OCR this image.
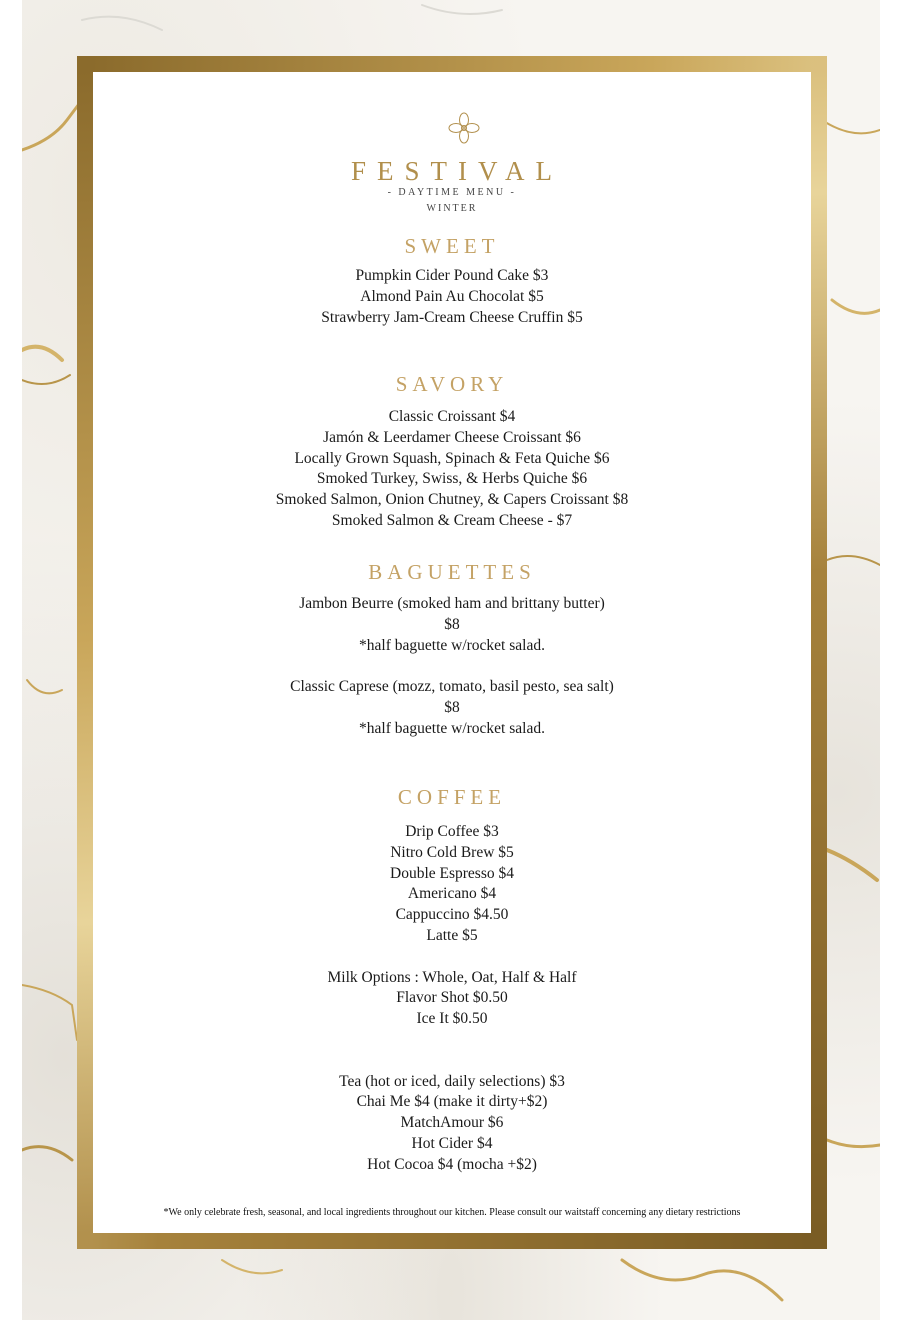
FESTIVAL
- DAYTIME MENU -
WINTER
SWEET
Pumpkin Cider Pound Cake $3
Almond Pain Au Chocolat $5
Strawberry Jam-Cream Cheese Cruffin $5
SAVORY
Classic Croissant $4
Jamón & Leerdamer Cheese Croissant $6
Locally Grown Squash, Spinach & Feta Quiche $6
Smoked Turkey, Swiss, & Herbs Quiche $6
Smoked Salmon, Onion Chutney, & Capers Croissant $8
Smoked Salmon & Cream Cheese - $7
BAGUETTES
Jambon Beurre (smoked ham and brittany butter)
$8
*half baguette w/rocket salad.
Classic Caprese (mozz, tomato, basil pesto, sea salt)
$8
*half baguette w/rocket salad.
COFFEE
Drip Coffee $3
Nitro Cold Brew $5
Double Espresso $4
Americano $4
Cappuccino $4.50
Latte $5
Milk Options : Whole, Oat, Half & Half
Flavor Shot $0.50
Ice It $0.50
Tea (hot or iced, daily selections) $3
Chai Me $4 (make it dirty+$2)
MatchAmour $6
Hot Cider $4
Hot Cocoa $4 (mocha +$2)
*We only celebrate fresh, seasonal, and local ingredients throughout our kitchen. Please consult our waitstaff concerning any dietary restrictions
